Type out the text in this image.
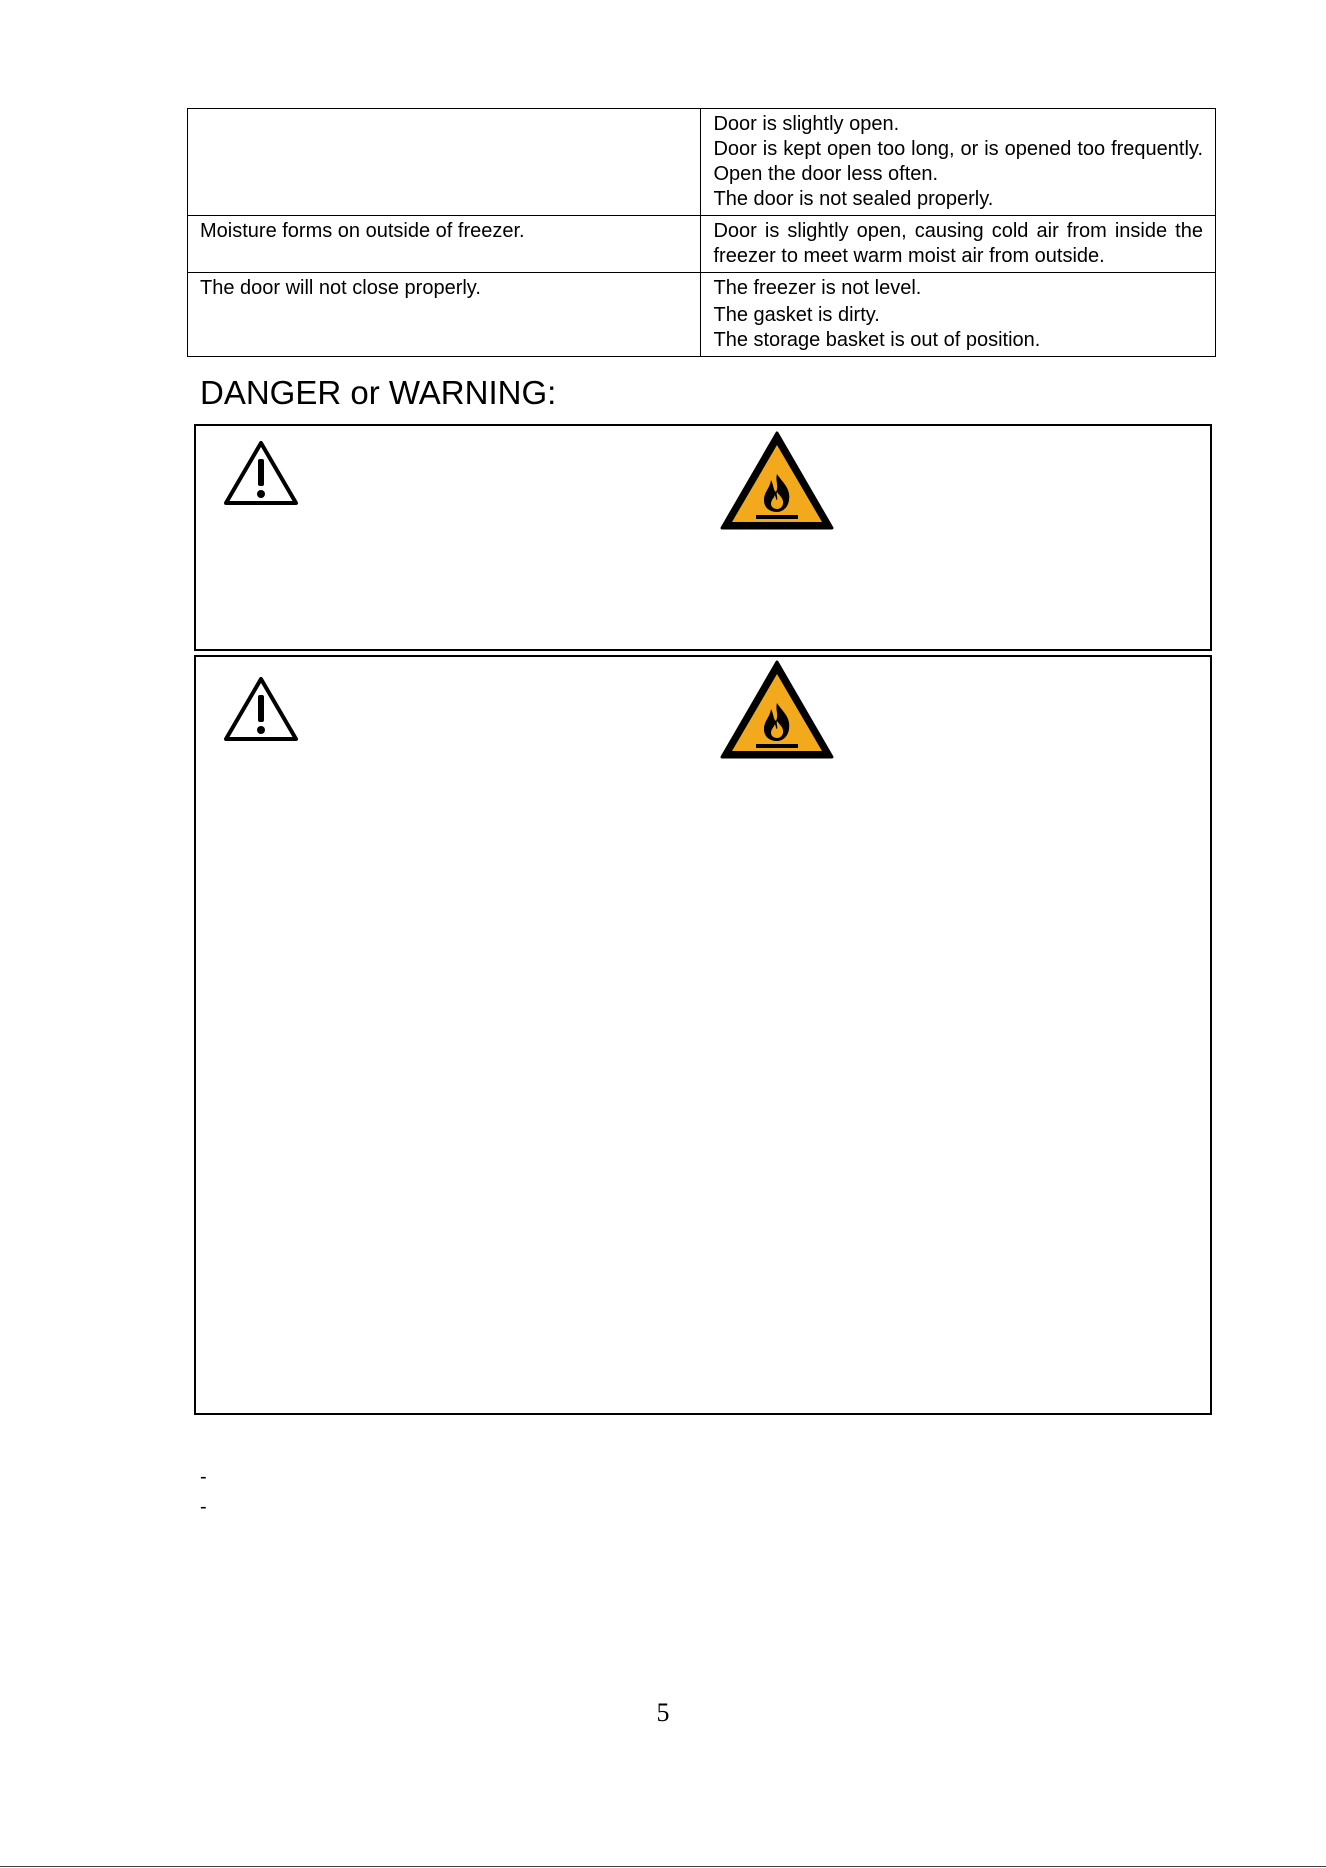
	Door is slightly open.
Door is kept open too long, or is opened too frequently. Open the door less often.
The door is not sealed properly.

Moisture forms on outside of freezer.	Door is slightly open, causing cold air from inside the freezer to meet warm moist air from outside.

The door will not close properly.	The freezer is not level.
The gasket is dirty.
The storage basket is out of position.
DANGER or WARNING:
-
-
5
